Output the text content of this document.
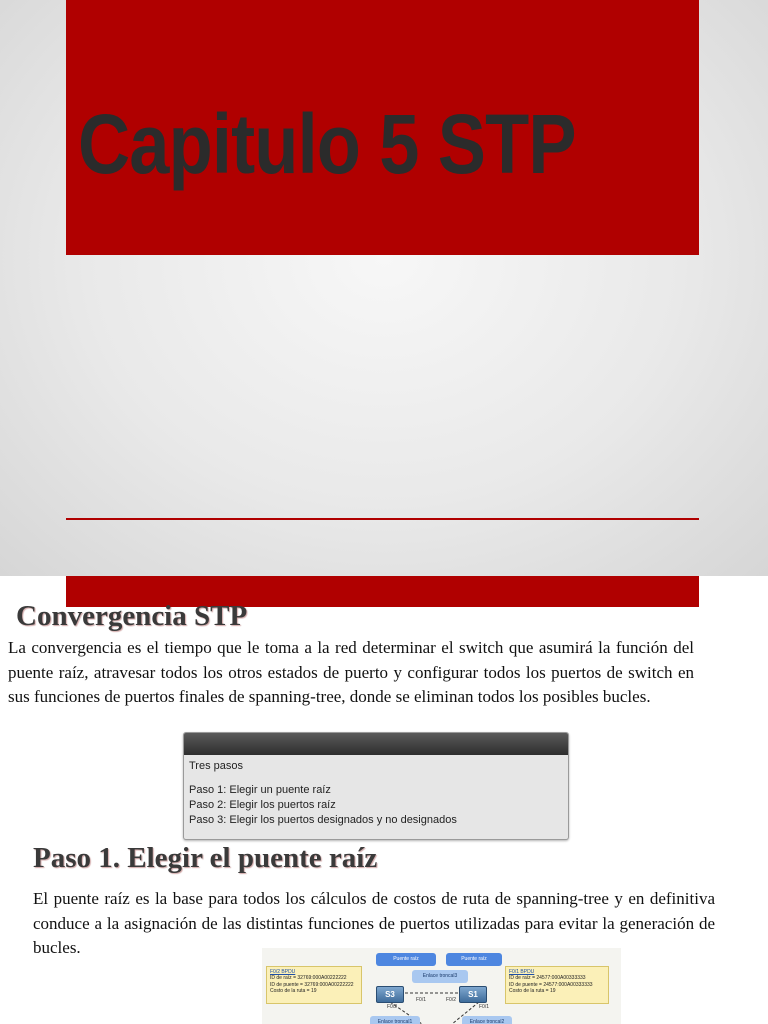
Capitulo 5 STP
Convergencia STP

La convergencia es el tiempo que le toma a la red determinar el switch que asumirá la función del puente raíz, atravesar todos los otros estados de puerto y configurar todos los puertos de switch en sus funciones de puertos finales de spanning-tree, donde se eliminan todos los posibles bucles.

Tres pasos
Paso 1: Elegir un puente raíz
Paso 2: Elegir los puertos raíz
Paso 3: Elegir los puertos designados y no designados
Paso 1. Elegir el puente raíz

El puente raíz es la base para todos los cálculos de costos de ruta de spanning-tree y en definitiva conduce a la asignación de las distintas funciones de puertos utilizadas para evitar la generación de bucles.

Puente raíz	Puente raíz
Enlace troncal3
F0/2 BPDU
ID de raíz = 32769:000A00222222
ID de puente = 32769:000A00222222
Costo de la ruta = 19
F0/1 BPDU
ID de raíz = 24577:000A00333333
ID de puente = 24577:000A00333333
Costo de la ruta = 19
S3	S1
F0/2
F0/1	F0/2
F0/1
Enlace troncal1	Enlace troncal2
